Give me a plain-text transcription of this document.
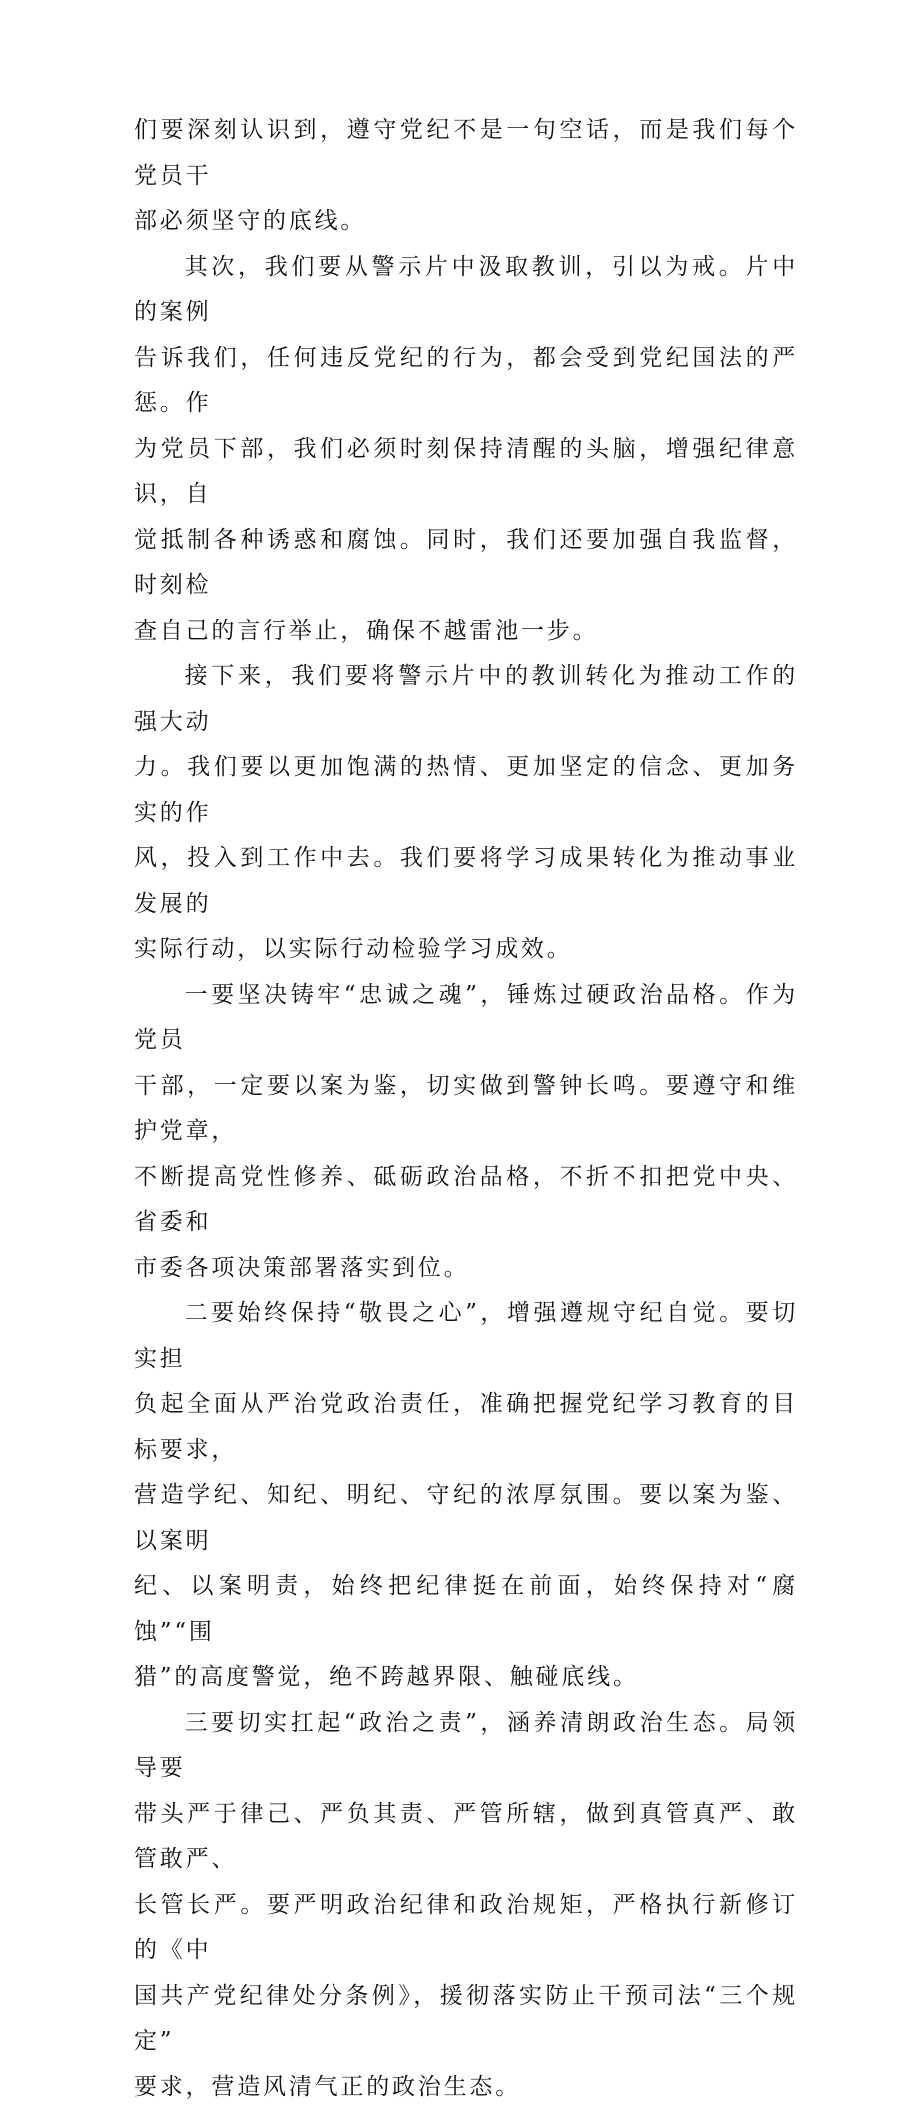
们要深刻认识到，遵守党纪不是一句空话，而是我们每个党员干
部必须坚守的底线。

其次，我们要从警示片中汲取教训，引以为戒。片中的案例
告诉我们，任何违反党纪的行为，都会受到党纪国法的严惩。作
为党员下部，我们必须时刻保持清醒的头脑，增强纪律意识，自
觉抵制各种诱惑和腐蚀。同时，我们还要加强自我监督，时刻检
查自己的言行举止，确保不越雷池一步。

接下来，我们要将警示片中的教训转化为推动工作的强大动
力。我们要以更加饱满的热情、更加坚定的信念、更加务实的作
风，投入到工作中去。我们要将学习成果转化为推动事业发展的
实际行动，以实际行动检验学习成效。

一要坚决铸牢“忠诚之魂”，锤炼过硬政治品格。作为党员
干部，一定要以案为鉴，切实做到警钟长鸣。要遵守和维护党章，
不断提高党性修养、砥砺政治品格，不折不扣把党中央、省委和
市委各项决策部署落实到位。

二要始终保持“敬畏之心”，增强遵规守纪自觉。要切实担
负起全面从严治党政治责任，准确把握党纪学习教育的目标要求，
营造学纪、知纪、明纪、守纪的浓厚氛围。要以案为鉴、以案明
纪、以案明责，始终把纪律挺在前面，始终保持对“腐蚀”“围
猎”的高度警觉，绝不跨越界限、触碰底线。

三要切实扛起“政治之责”，涵养清朗政治生态。局领导要
带头严于律己、严负其责、严管所辖，做到真管真严、敢管敢严、
长管长严。要严明政治纪律和政治规矩，严格执行新修订的《中
国共产党纪律处分条例》，援彻落实防止干预司法“三个规定”
要求，营造风清气正的政治生态。
